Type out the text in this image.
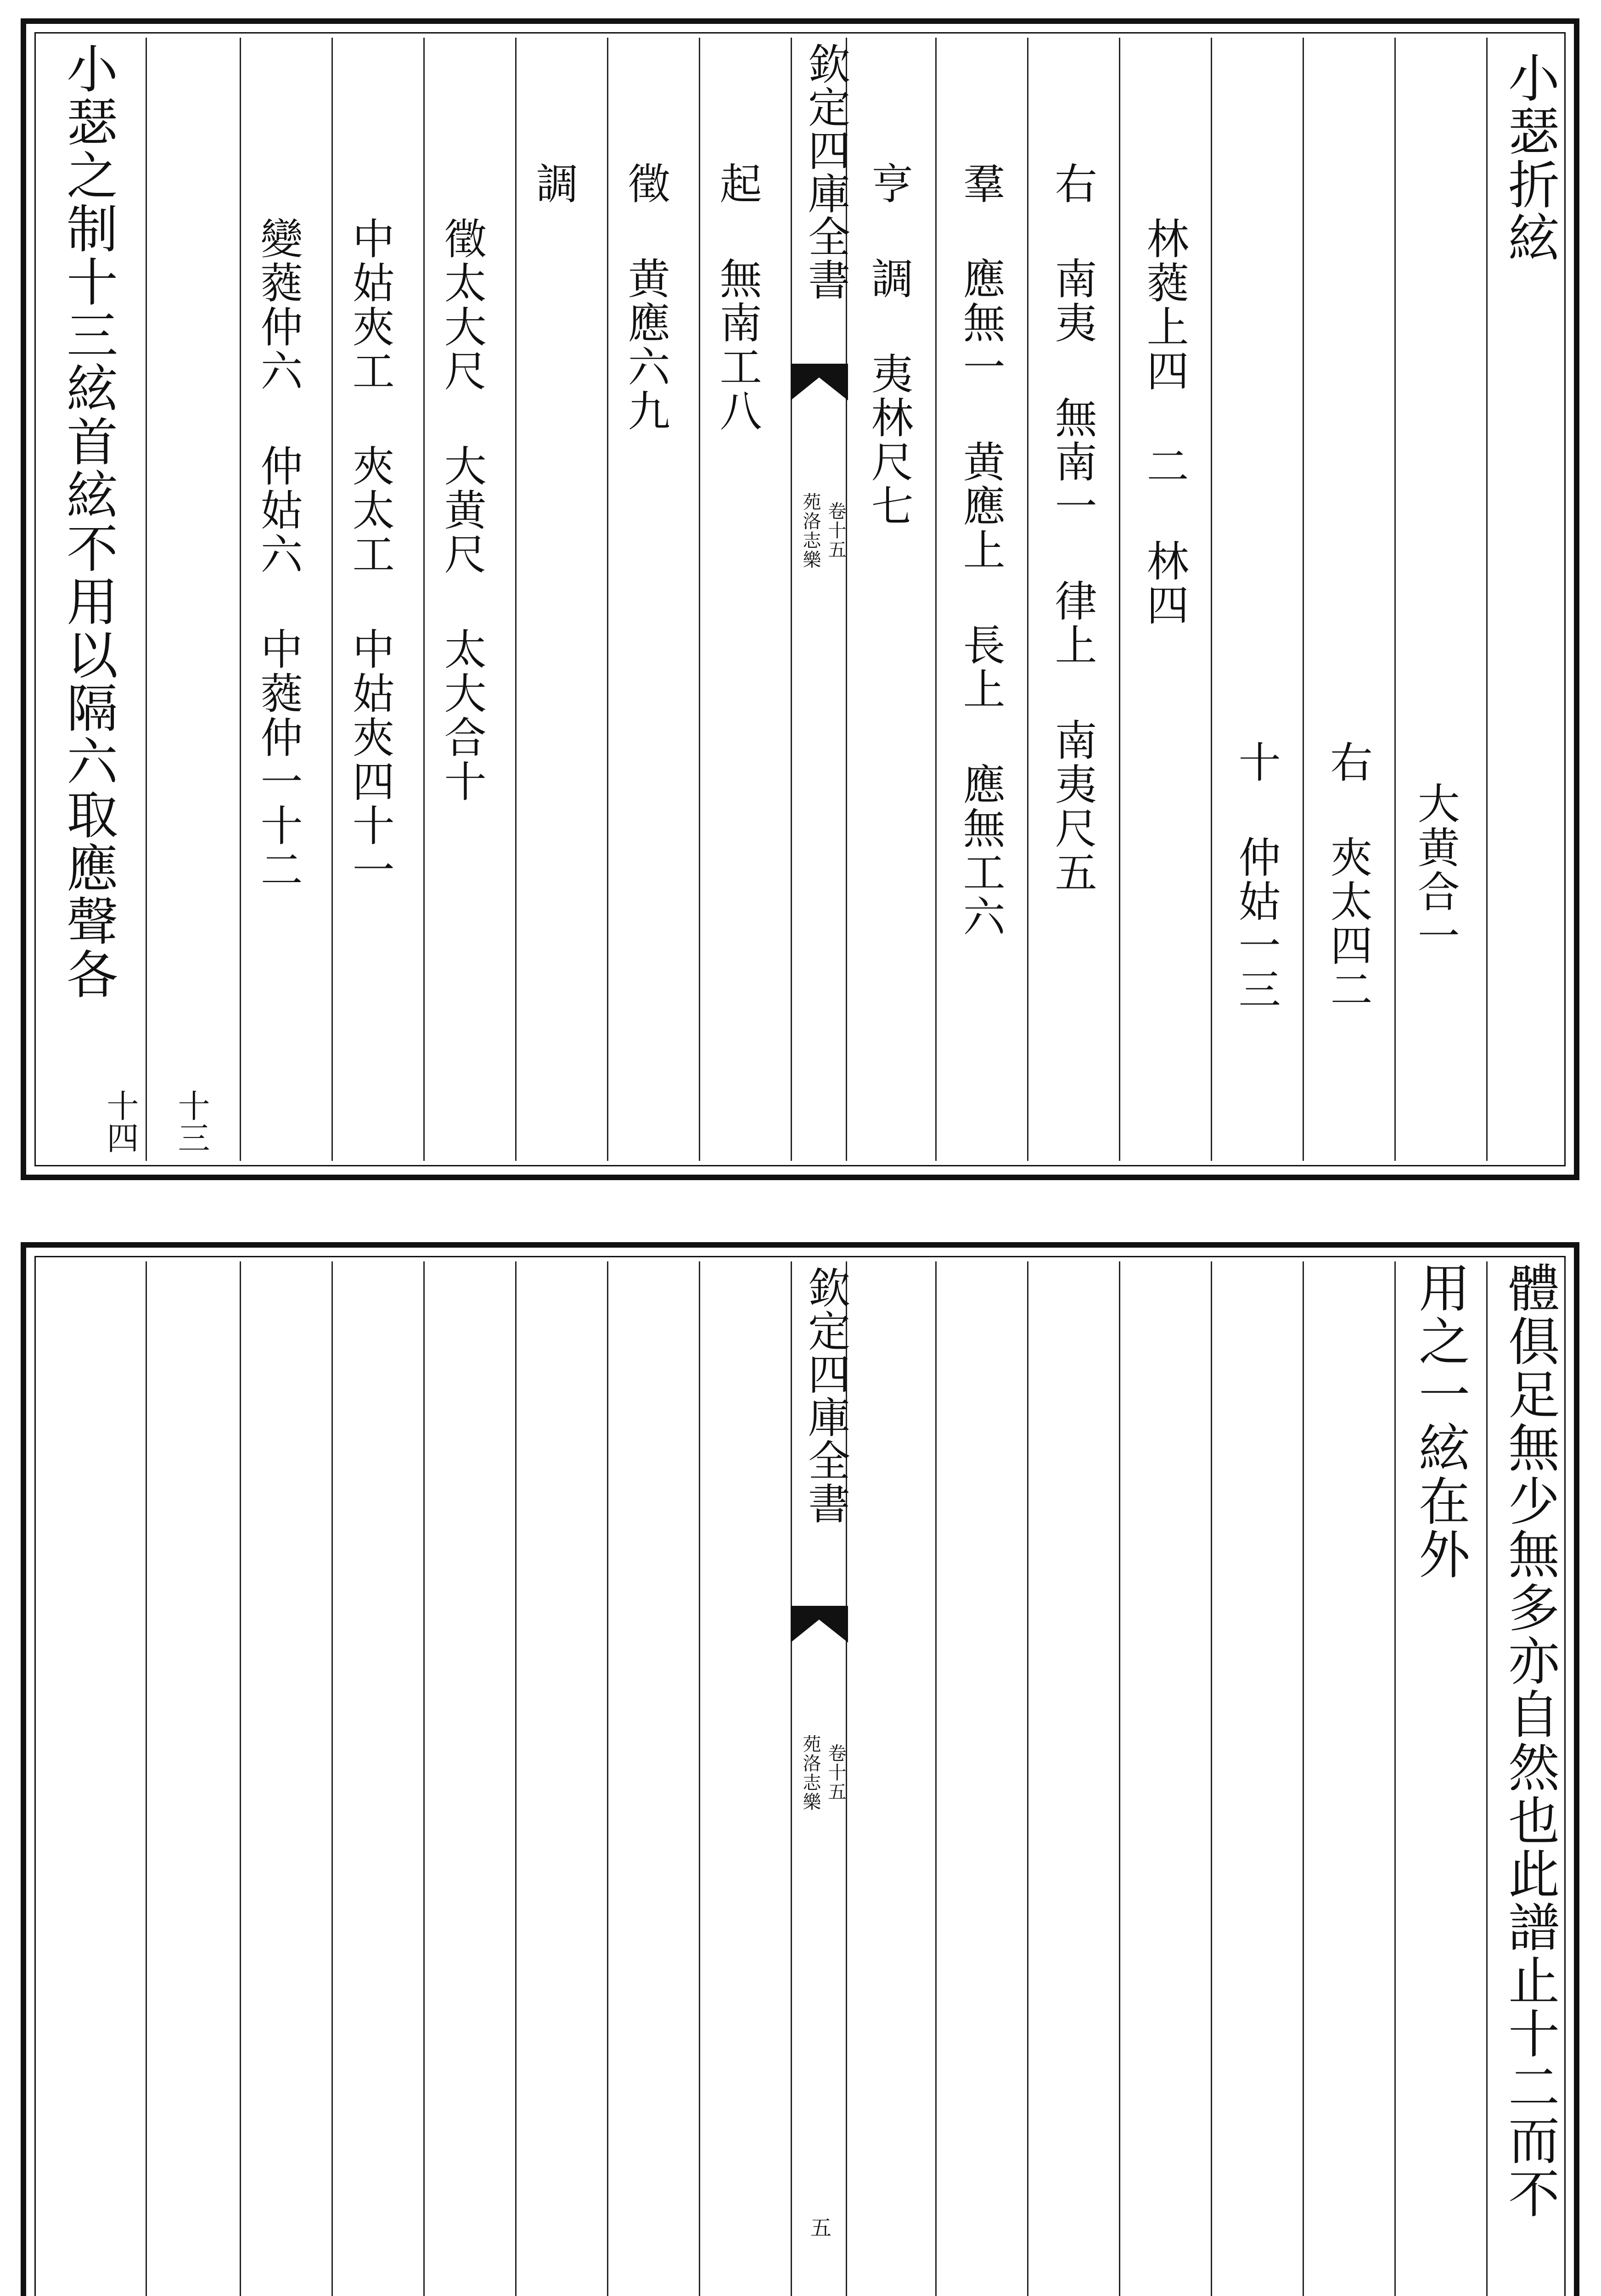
小瑟折絃
大黄合一
右 夾太四二
十 仲姑一三
林蕤上四 二 林四
右 南夷 無南一 律上 南夷尺五
羣 應無一 黄應上 長上 應無工六
亨 調 夷林尺七
欽定四庫全書
苑洛志樂 卷十五
起 無南工八
徵 黄應六九
調
徵太大尺 大黄尺 太大合十
中姑夾工 夾太工 中姑夾四十一
變蕤仲六 仲姑六 中蕤仲一十二
小瑟之制十三絃首絃不用以隔六取應聲各
十三
十四
體俱足無少無多亦自然也此譜止十二而不
用之一絃在外
欽定四庫全書
苑洛志樂 卷十五
五
